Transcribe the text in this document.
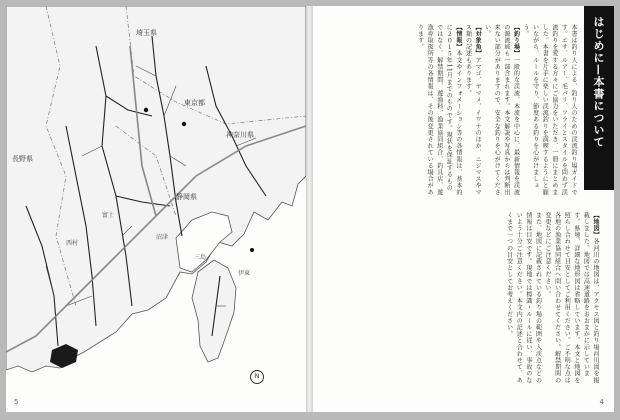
埼玉県
東京都
神奈川県
静岡県
長野県
富士
西村
沼津
三島
伊東
N
5
はじめに—本書について

本書は釣り人による、釣り人のための渓流釣り場ガイドです。エサ、ルアー、毛バリ、フライとスタイルを問わず渓流釣りを愛する方々にご協力をいただき、一冊にまとめました。本書を片手に楽しい渓流釣りを満喫するようにと願いながら、ルールを守り、節度ある釣りを心がけましょう。

【釣り場】一般的な渓流、本流を中心に、最新情報を渓流の源流域も一部含まれます。本文解説や写真からは判断出来ない部分がありますので、安全な釣りを心がけてください。

【対象魚】アマゴ、ヤマメ、イワナのほか、ニジマスやマス類の記述もあります。

【情報】本文やインフォメーション等の各情報は、基本的に２０１５年11月までのものです。現状を保証するものではなく、解禁期間、遊漁料、漁業協同組合、釣具店、遊漁券取扱所等の各情報は、その後変更されている場合があります。

【地図】各河川の地図は、アクセス図と釣り場河川図を掲載しました。地図では高速道路をおおまかに示しています。県境、詳細な地形図は省略しています。本文と地図を照らし合わせて目安としてご利用ください。ご不明な点は各地の漁業協同組合へ問い合わせてください。解禁期間の変更などにご注意ください。

また、地図に記載されている釣り場の範囲や入渓点などの情報は目安です。現地では標識・ルールに従い、事故のないよう十分ご注意ください。本文内の記述と合わせて、あくまで一つの目安としてお考えください。

4
